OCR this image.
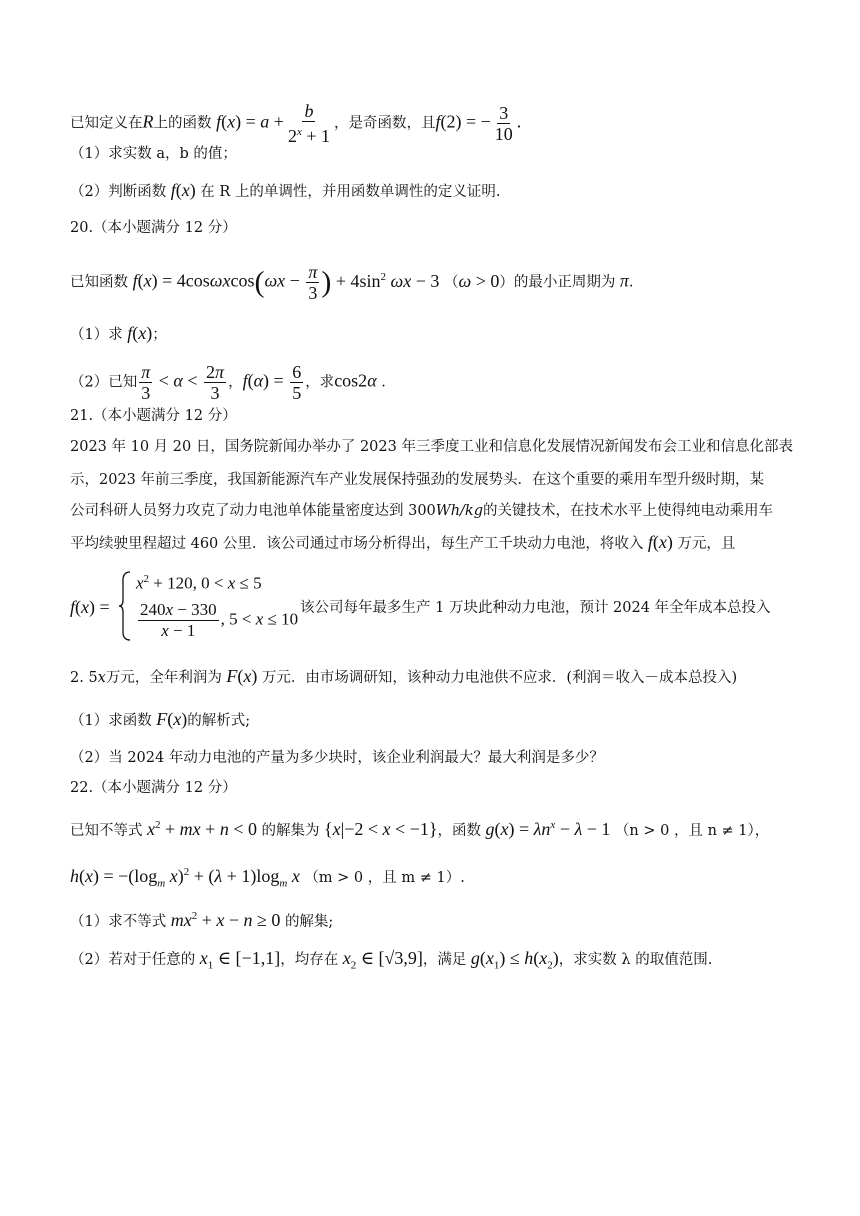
已知定义在R上的函数 $f(x) = a + \frac{b}{2^x + 1}$ ，是奇函数，且f(2) = − $\frac{3}{10}$ .
（1）求实数 a，b 的值；
（2）判断函数 f(x) 在 R 上的单调性，并用函数单调性的定义证明.
20.（本小题满分 12 分）
已知函数 $f(x) = 4\cos\omega xcos(\omega x - \frac{\pi}{3}$ ) + $4\sin^2$ ωx − 3 （ω > 0）的最小正周期为 π.
（1）求 f(x)；
（2）已知 $\frac{\pi}{3} < \alpha < \frac{2\pi}{3}$ ，$f(\alpha) = \frac{6}{5}$ ，求cos2α .
21.（本小题满分 12 分）
2023 年 10 月 20 日，国务院新闻办举办了 2023 年三季度工业和信息化发展情况新闻发布会工业和信息化部表
示，2023 年前三季度，我国新能源汽车产业发展保持强劲的发展势头．在这个重要的乘用车型升级时期，某
公司科研人员努力攻克了动力电池单体能量密度达到 300Wh/kg的关键技术，在技术水平上使得纯电动乘用车
平均续驶里程超过 460 公里．该公司通过市场分析得出，每生产工千块动力电池，将收入 f(x) 万元，且
f(x) =
$x^2 + 120$, 0 < x ≤ 5
$\frac{240x - 330}{x - 1}$ , 5 < x ≤ 10
该公司每年最多生产 1 万块此种动力电池，预计 2024 年全年成本总投入
2. 5x万元，全年利润为 F(x) 万元．由市场调研知，该种动力电池供不应求．(利润＝收入－成本总投入)
（1）求函数 F(x)的解析式;
（2）当 2024 年动力电池的产量为多少块时，该企业利润最大？最大利润是多少？
22.（本小题满分 12 分）
已知不等式 $x^2$ + mx + n < 0 的解集为 {x|−2 < x < −1}，函数 $g(x) = \lambda n^x - \lambda - 1$ （n > 0 ，且 n ≠ 1），
$h(x) = -(\log_m$ $x)^2 + (\lambda + 1)\log_m$ x （m > 0 ，且 m ≠ 1）.
（1）求不等式 $mx^2 + x - n \ge 0$ 的解集;
（2）若对于任意的 $x_1$ ∈ [−1,1]，均存在 $x_2$ ∈ [√3,9]，满足 $g(x_1) \le h(x_2)$，求实数 λ 的取值范围.
